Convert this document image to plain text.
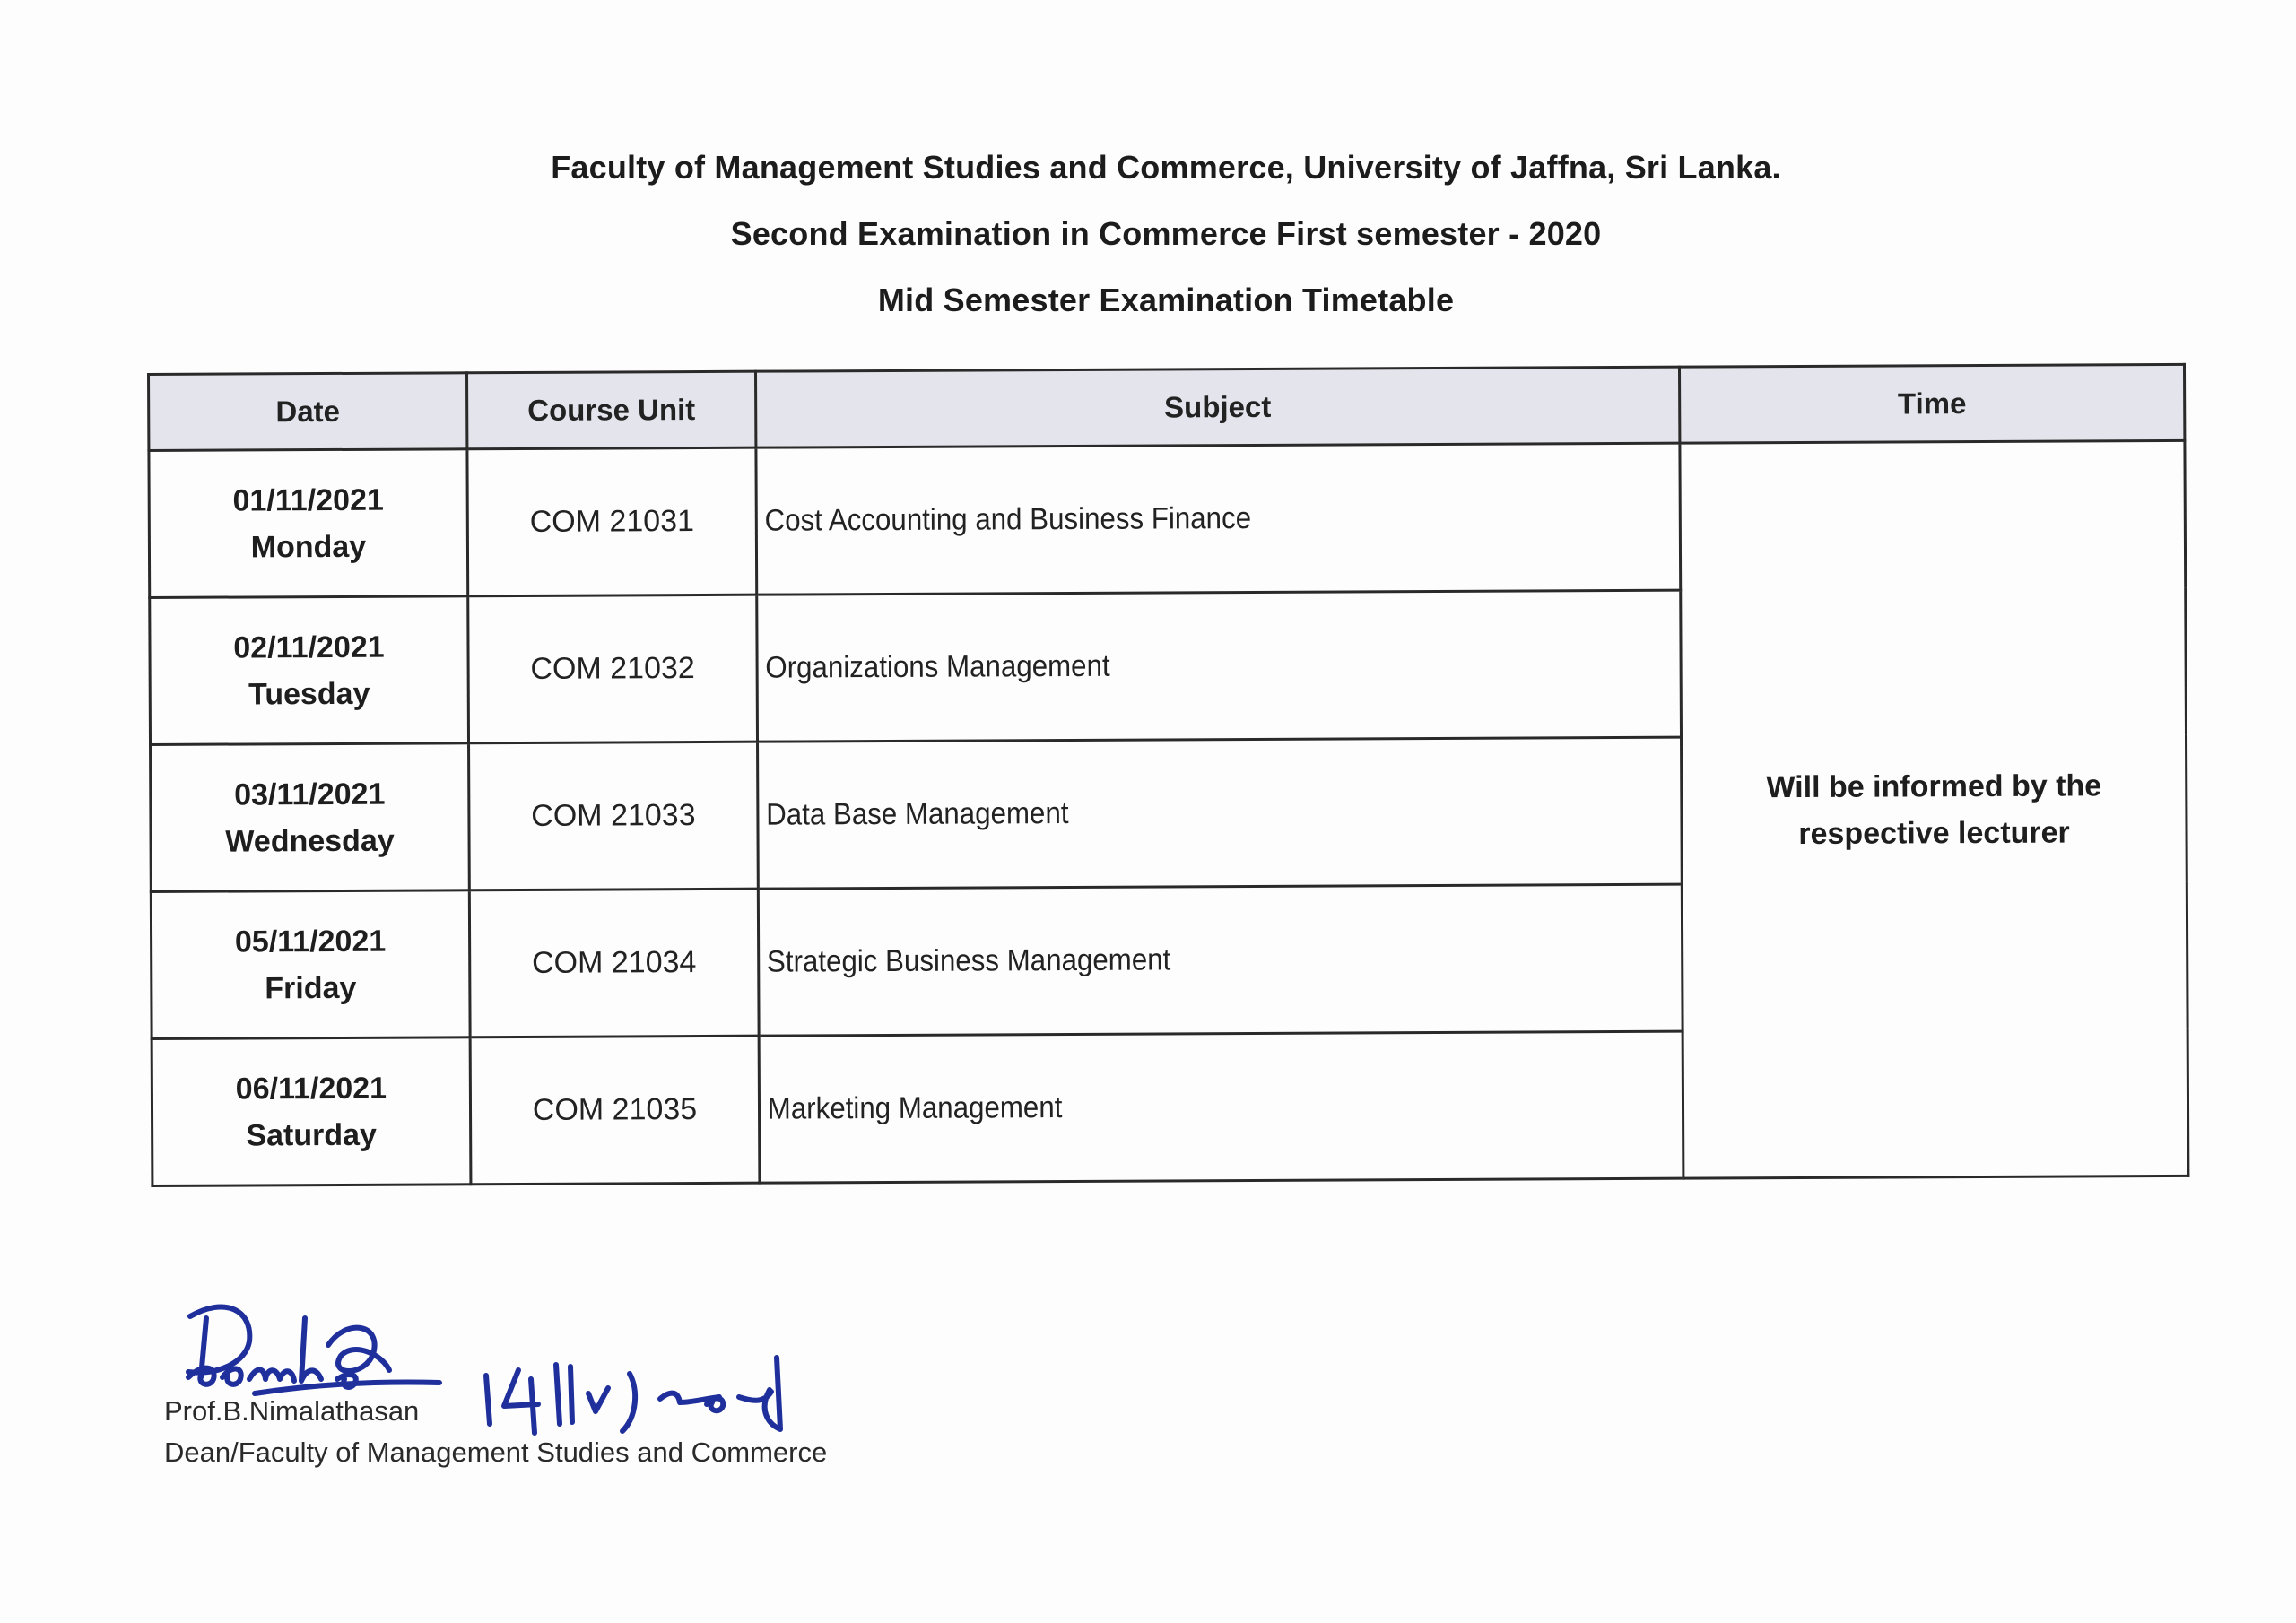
Faculty of Management Studies and Commerce, University of Jaffna, Sri Lanka.
Second Examination in Commerce First semester - 2020
Mid Semester Examination Timetable
Date	Course Unit	Subject	Time

01/11/2021
Monday	COM 21031	Cost Accounting and Business Finance	Will be informed by the
respective lecturer

02/11/2021
Tuesday	COM 21032	Organizations Management	

03/11/2021
Wednesday	COM 21033	Data Base Management	

05/11/2021
Friday	COM 21034	Strategic Business Management	

06/11/2021
Saturday	COM 21035	Marketing Management	
Prof.B.Nimalathasan
Dean/Faculty of Management Studies and Commerce
